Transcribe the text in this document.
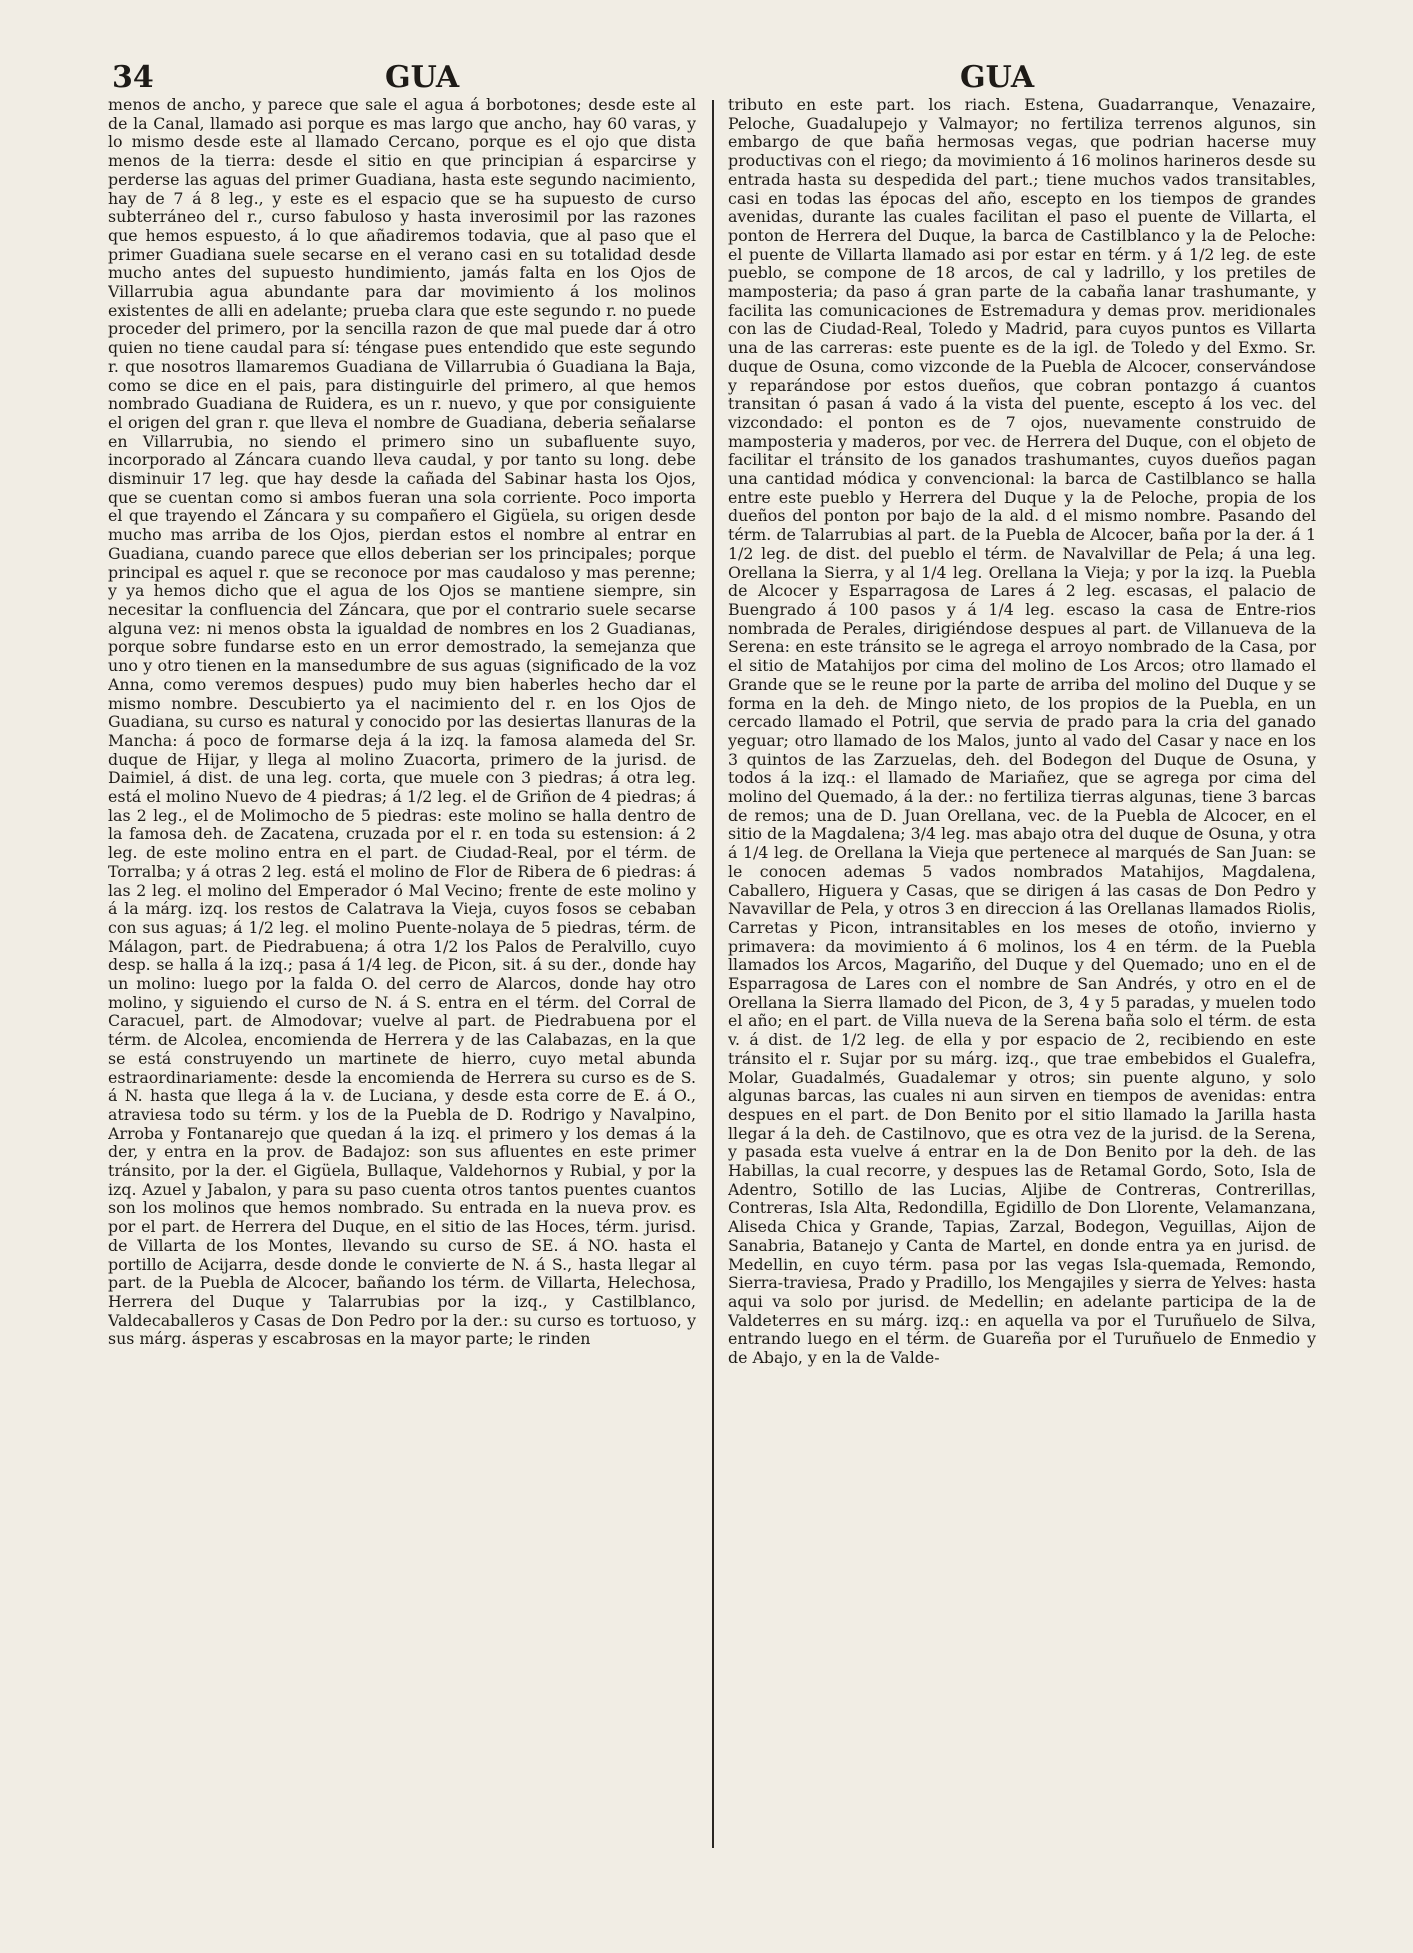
34	GUA	GUA

menos de ancho, y parece que sale el agua á borbotones; desde este al de la Canal, llamado asi porque es mas largo que ancho, hay 60 varas, y lo mismo desde este al llamado Cercano, porque es el ojo que dista menos de la tierra: desde el sitio en que principian á esparcirse y perderse las aguas del primer Guadiana, hasta este segundo nacimiento, hay de 7 á 8 leg., y este es el espacio que se ha supuesto de curso subterráneo del r., curso fabuloso y hasta inverosimil por las razones que hemos espuesto, á lo que añadiremos todavia, que al paso que el primer Guadiana suele secarse en el verano casi en su totalidad desde mucho antes del supuesto hundimiento, jamás falta en los Ojos de Villarrubia agua abundante para dar movimiento á los molinos existentes de alli en adelante; prueba clara que este segundo r. no puede proceder del primero, por la sencilla razon de que mal puede dar á otro quien no tiene caudal para sí: téngase pues entendido que este segundo r. que nosotros llamaremos Guadiana de Villarrubia ó Guadiana la Baja, como se dice en el pais, para distinguirle del primero, al que hemos nombrado Guadiana de Ruidera, es un r. nuevo, y que por consiguiente el origen del gran r. que lleva el nombre de Guadiana, deberia señalarse en Villarrubia, no siendo el primero sino un subafluente suyo, incorporado al Záncara cuando lleva caudal, y por tanto su long. debe disminuir 17 leg. que hay desde la cañada del Sabinar hasta los Ojos, que se cuentan como si ambos fueran una sola corriente. Poco importa el que trayendo el Záncara y su compañero el Gigüela, su origen desde mucho mas arriba de los Ojos, pierdan estos el nombre al entrar en Guadiana, cuando parece que ellos deberian ser los principales; porque principal es aquel r. que se reconoce por mas caudaloso y mas perenne; y ya hemos dicho que el agua de los Ojos se mantiene siempre, sin necesitar la confluencia del Záncara, que por el contrario suele secarse alguna vez: ni menos obsta la igualdad de nombres en los 2 Guadianas, porque sobre fundarse esto en un error demostrado, la semejanza que uno y otro tienen en la mansedumbre de sus aguas (significado de la voz Anna, como veremos despues) pudo muy bien haberles hecho dar el mismo nombre. Descubierto ya el nacimiento del r. en los Ojos de Guadiana, su curso es natural y conocido por las desiertas llanuras de la Mancha: á poco de formarse deja á la izq. la famosa alameda del Sr. duque de Hijar, y llega al molino Zuacorta, primero de la jurisd. de Daimiel, á dist. de una leg. corta, que muele con 3 piedras; á otra leg. está el molino Nuevo de 4 piedras; á 1/2 leg. el de Griñon de 4 piedras; á las 2 leg., el de Molimocho de 5 piedras: este molino se halla dentro de la famosa deh. de Zacatena, cruzada por el r. en toda su estension: á 2 leg. de este molino entra en el part. de Ciudad-Real, por el térm. de Torralba; y á otras 2 leg. está el molino de Flor de Ribera de 6 piedras: á las 2 leg. el molino del Emperador ó Mal Vecino; frente de este molino y á la márg. izq. los restos de Calatrava la Vieja, cuyos fosos se cebaban con sus aguas; á 1/2 leg. el molino Puente-nolaya de 5 piedras, térm. de Málagon, part. de Piedrabuena; á otra 1/2 los Palos de Peralvillo, cuyo desp. se halla á la izq.; pasa á 1/4 leg. de Picon, sit. á su der., donde hay un molino: luego por la falda O. del cerro de Alarcos, donde hay otro molino, y siguiendo el curso de N. á S. entra en el térm. del Corral de Caracuel, part. de Almodovar; vuelve al part. de Piedrabuena por el térm. de Alcolea, encomienda de Herrera y de las Calabazas, en la que se está construyendo un martinete de hierro, cuyo metal abunda estraordinariamente: desde la encomienda de Herrera su curso es de S. á N. hasta que llega á la v. de Luciana, y desde esta corre de E. á O., atraviesa todo su térm. y los de la Puebla de D. Rodrigo y Navalpino, Arroba y Fontanarejo que quedan á la izq. el primero y los demas á la der, y entra en la prov. de Badajoz: son sus afluentes en este primer tránsito, por la der. el Gigüela, Bullaque, Valdehornos y Rubial, y por la izq. Azuel y Jabalon, y para su paso cuenta otros tantos puentes cuantos son los molinos que hemos nombrado. Su entrada en la nueva prov. es por el part. de Herrera del Duque, en el sitio de las Hoces, térm. jurisd. de Villarta de los Montes, llevando su curso de SE. á NO. hasta el portillo de Acijarra, desde donde le convierte de N. á S., hasta llegar al part. de la Puebla de Alcocer, bañando los térm. de Villarta, Helechosa, Herrera del Duque y Talarrubias por la izq., y Castilblanco, Valdecaballeros y Casas de Don Pedro por la der.: su curso es tortuoso, y sus márg. ásperas y escabrosas en la mayor parte; le rinden

tributo en este part. los riach. Estena, Guadarranque, Venazaire, Peloche, Guadalupejo y Valmayor; no fertiliza terrenos algunos, sin embargo de que baña hermosas vegas, que podrian hacerse muy productivas con el riego; da movimiento á 16 molinos harineros desde su entrada hasta su despedida del part.; tiene muchos vados transitables, casi en todas las épocas del año, escepto en los tiempos de grandes avenidas, durante las cuales facilitan el paso el puente de Villarta, el ponton de Herrera del Duque, la barca de Castilblanco y la de Peloche: el puente de Villarta llamado asi por estar en térm. y á 1/2 leg. de este pueblo, se compone de 18 arcos, de cal y ladrillo, y los pretiles de mamposteria; da paso á gran parte de la cabaña lanar trashumante, y facilita las comunicaciones de Estremadura y demas prov. meridionales con las de Ciudad-Real, Toledo y Madrid, para cuyos puntos es Villarta una de las carreras: este puente es de la igl. de Toledo y del Exmo. Sr. duque de Osuna, como vizconde de la Puebla de Alcocer, conservándose y reparándose por estos dueños, que cobran pontazgo á cuantos transitan ó pasan á vado á la vista del puente, escepto á los vec. del vizcondado: el ponton es de 7 ojos, nuevamente construido de mamposteria y maderos, por vec. de Herrera del Duque, con el objeto de facilitar el tránsito de los ganados trashumantes, cuyos dueños pagan una cantidad módica y convencional: la barca de Castilblanco se halla entre este pueblo y Herrera del Duque y la de Peloche, propia de los dueños del ponton por bajo de la ald. d el mismo nombre. Pasando del térm. de Talarrubias al part. de la Puebla de Alcocer, baña por la der. á 1 1/2 leg. de dist. del pueblo el térm. de Navalvillar de Pela; á una leg. Orellana la Sierra, y al 1/4 leg. Orellana la Vieja; y por la izq. la Puebla de Alcocer y Esparragosa de Lares á 2 leg. escasas, el palacio de Buengrado á 100 pasos y á 1/4 leg. escaso la casa de Entre-rios nombrada de Perales, dirigiéndose despues al part. de Villanueva de la Serena: en este tránsito se le agrega el arroyo nombrado de la Casa, por el sitio de Matahijos por cima del molino de Los Arcos; otro llamado el Grande que se le reune por la parte de arriba del molino del Duque y se forma en la deh. de Mingo nieto, de los propios de la Puebla, en un cercado llamado el Potril, que servia de prado para la cria del ganado yeguar; otro llamado de los Malos, junto al vado del Casar y nace en los 3 quintos de las Zarzuelas, deh. del Bodegon del Duque de Osuna, y todos á la izq.: el llamado de Mariañez, que se agrega por cima del molino del Quemado, á la der.: no fertiliza tierras algunas, tiene 3 barcas de remos; una de D. Juan Orellana, vec. de la Puebla de Alcocer, en el sitio de la Magdalena; 3/4 leg. mas abajo otra del duque de Osuna, y otra á 1/4 leg. de Orellana la Vieja que pertenece al marqués de San Juan: se le conocen ademas 5 vados nombrados Matahijos, Magdalena, Caballero, Higuera y Casas, que se dirigen á las casas de Don Pedro y Navavillar de Pela, y otros 3 en direccion á las Orellanas llamados Riolis, Carretas y Picon, intransitables en los meses de otoño, invierno y primavera: da movimiento á 6 molinos, los 4 en térm. de la Puebla llamados los Arcos, Magariño, del Duque y del Quemado; uno en el de Esparragosa de Lares con el nombre de San Andrés, y otro en el de Orellana la Sierra llamado del Picon, de 3, 4 y 5 paradas, y muelen todo el año; en el part. de Villa nueva de la Serena baña solo el térm. de esta v. á dist. de 1/2 leg. de ella y por espacio de 2, recibiendo en este tránsito el r. Sujar por su márg. izq., que trae embebidos el Gualefra, Molar, Guadalmés, Guadalemar y otros; sin puente alguno, y solo algunas barcas, las cuales ni aun sirven en tiempos de avenidas: entra despues en el part. de Don Benito por el sitio llamado la Jarilla hasta llegar á la deh. de Castilnovo, que es otra vez de la jurisd. de la Serena, y pasada esta vuelve á entrar en la de Don Benito por la deh. de las Habillas, la cual recorre, y despues las de Retamal Gordo, Soto, Isla de Adentro, Sotillo de las Lucias, Aljibe de Contreras, Contrerillas, Contreras, Isla Alta, Redondilla, Egidillo de Don Llorente, Velamanzana, Aliseda Chica y Grande, Tapias, Zarzal, Bodegon, Veguillas, Aijon de Sanabria, Batanejo y Canta de Martel, en donde entra ya en jurisd. de Medellin, en cuyo térm. pasa por las vegas Isla-quemada, Remondo, Sierra-traviesa, Prado y Pradillo, los Mengajiles y sierra de Yelves: hasta aqui va solo por jurisd. de Medellin; en adelante participa de la de Valdeterres en su márg. izq.: en aquella va por el Turuñuelo de Silva, entrando luego en el térm. de Guareña por el Turuñuelo de Enmedio y de Abajo, y en la de Valde-
